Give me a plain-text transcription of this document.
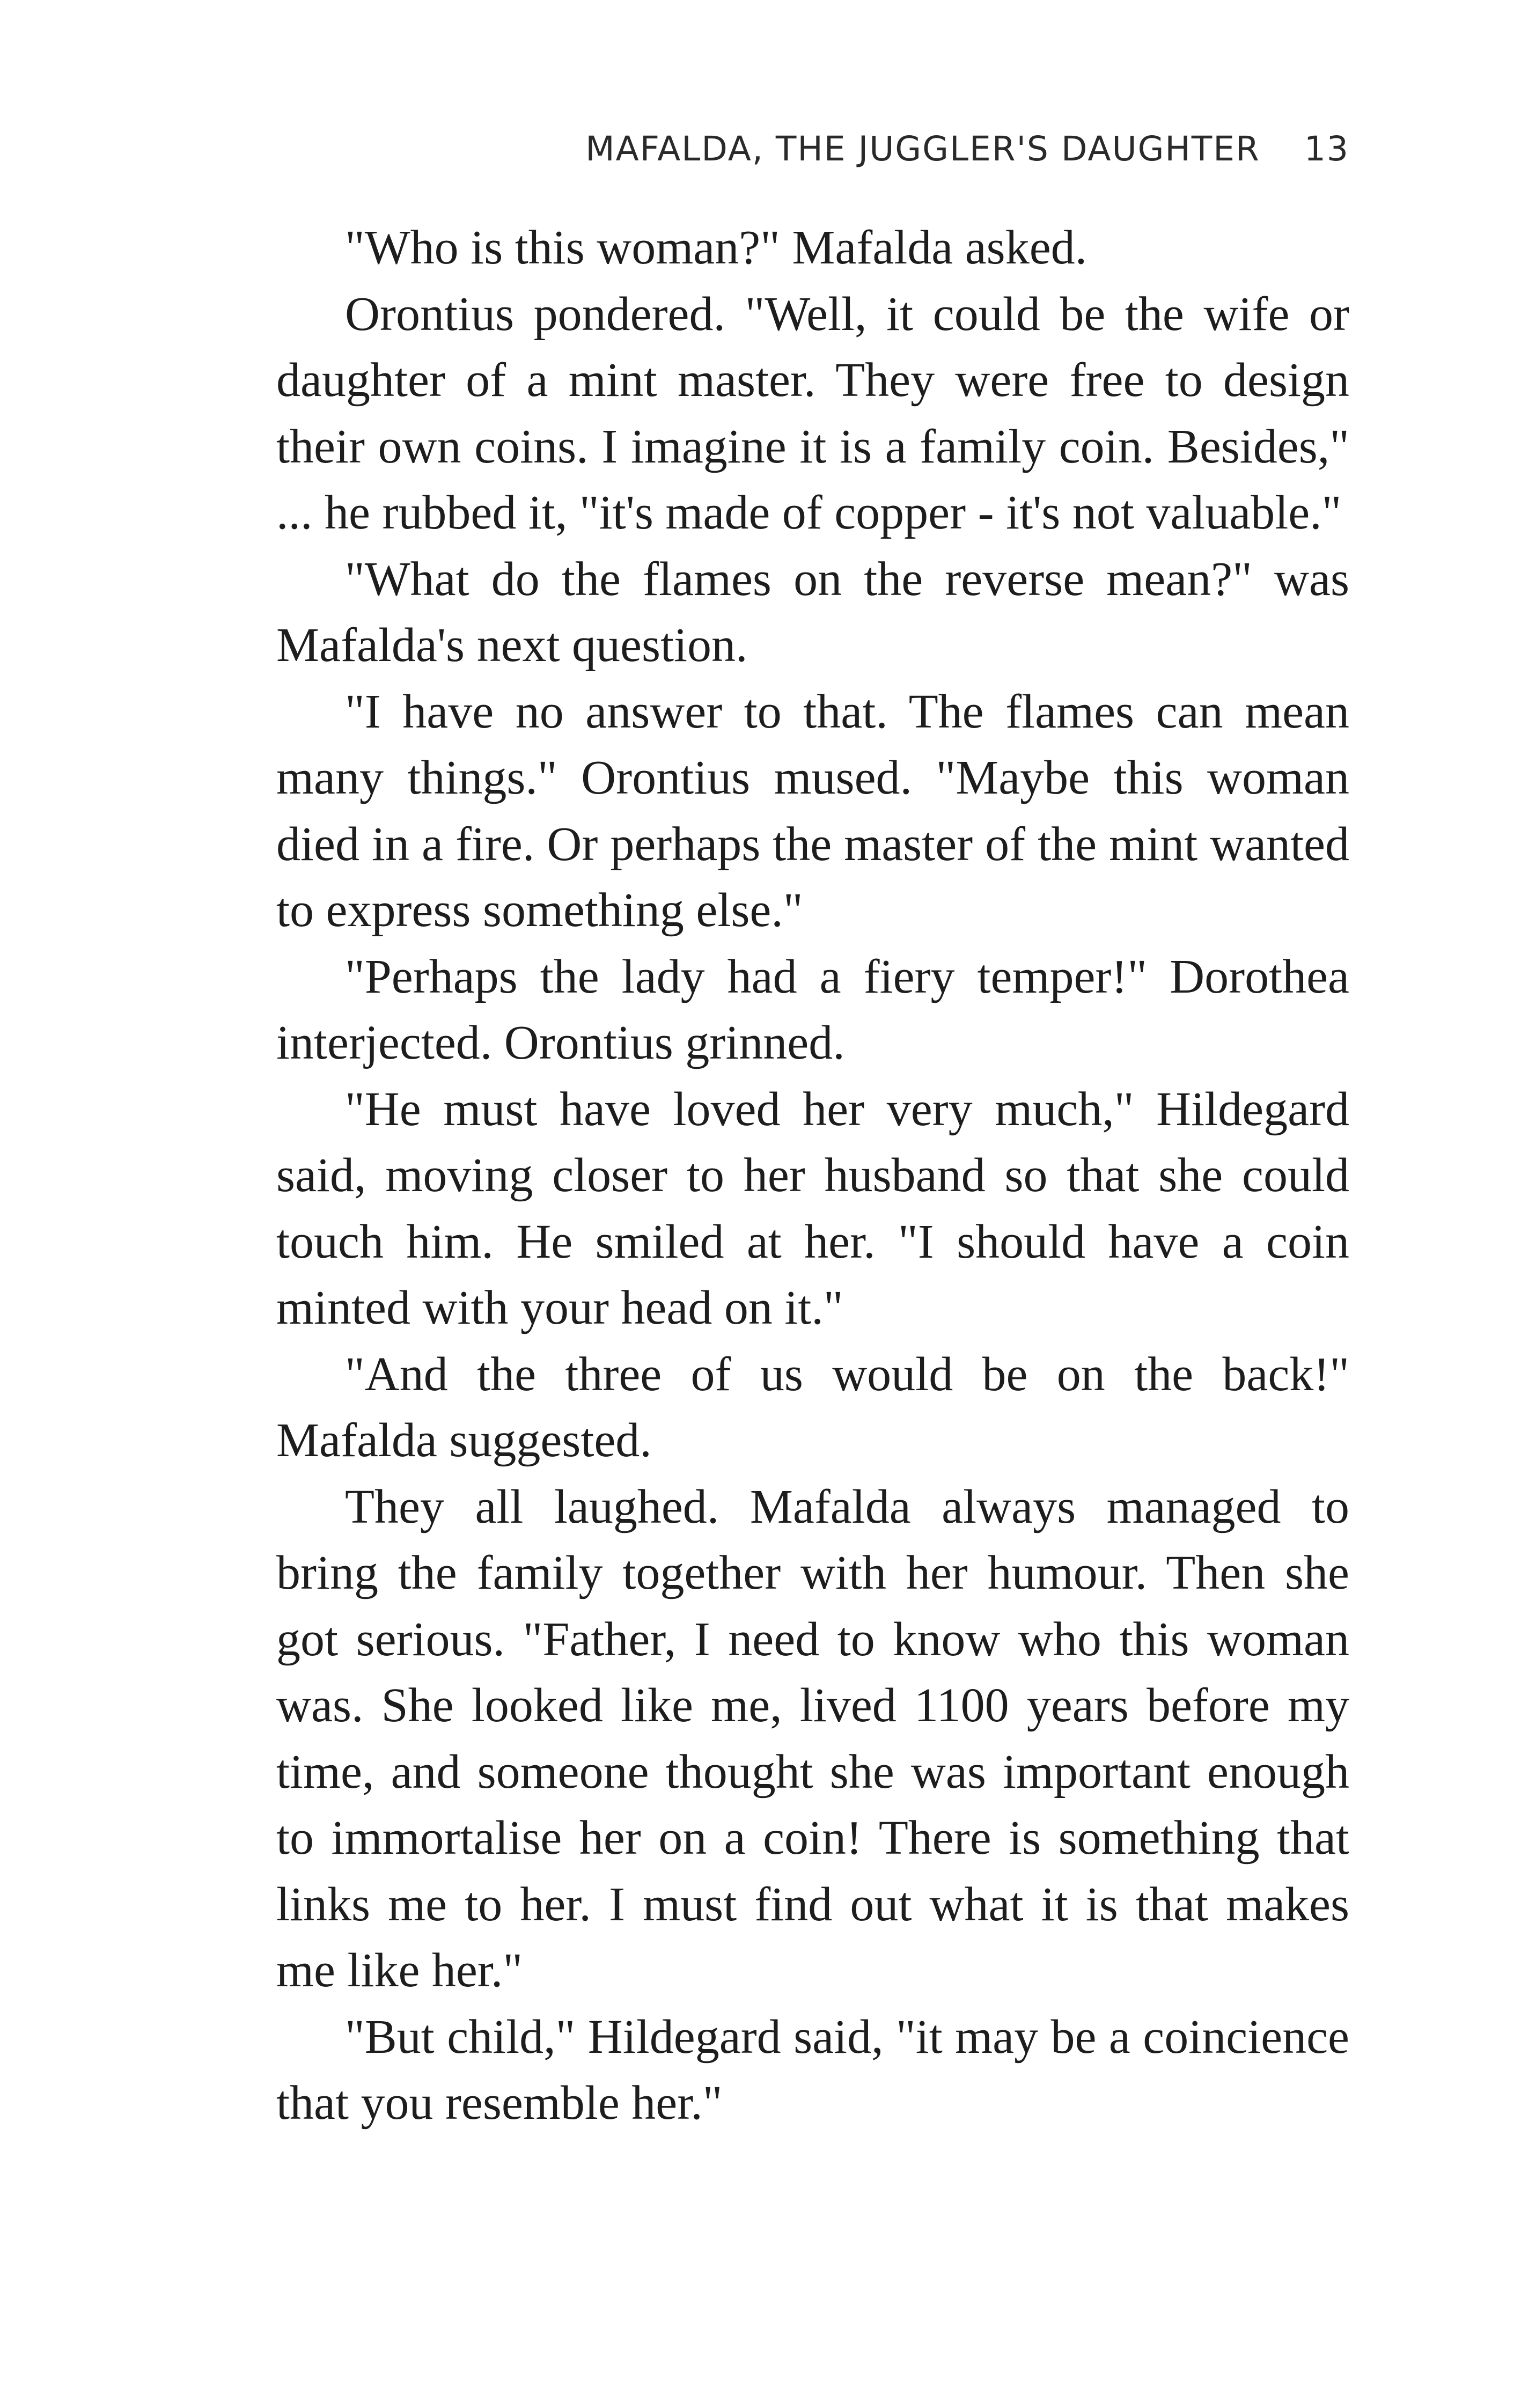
MAFALDA, THE JUGGLER'S DAUGHTER 13

"Who is this woman?" Mafalda asked.

Orontius pondered. "Well, it could be the wife or daughter of a mint master. They were free to design their own coins. I imagine it is a family coin. Besides," ... he rubbed it, "it's made of copper - it's not valuable."

"What do the flames on the reverse mean?" was Mafalda's next question.

"I have no answer to that. The flames can mean many things." Orontius mused. "Maybe this woman died in a fire. Or perhaps the master of the mint wanted to express something else."

"Perhaps the lady had a fiery temper!" Dorothea interjected. Orontius grinned.

"He must have loved her very much," Hildegard said, moving closer to her husband so that she could touch him. He smiled at her. "I should have a coin minted with your head on it."

"And the three of us would be on the back!" Mafalda suggested.

They all laughed. Mafalda always managed to bring the family together with her humour. Then she got serious. "Father, I need to know who this woman was. She looked like me, lived 1100 years before my time, and someone thought she was important enough to immortalise her on a coin! There is something that links me to her. I must find out what it is that makes me like her."

"But child," Hildegard said, "it may be a coincience that you resemble her."
